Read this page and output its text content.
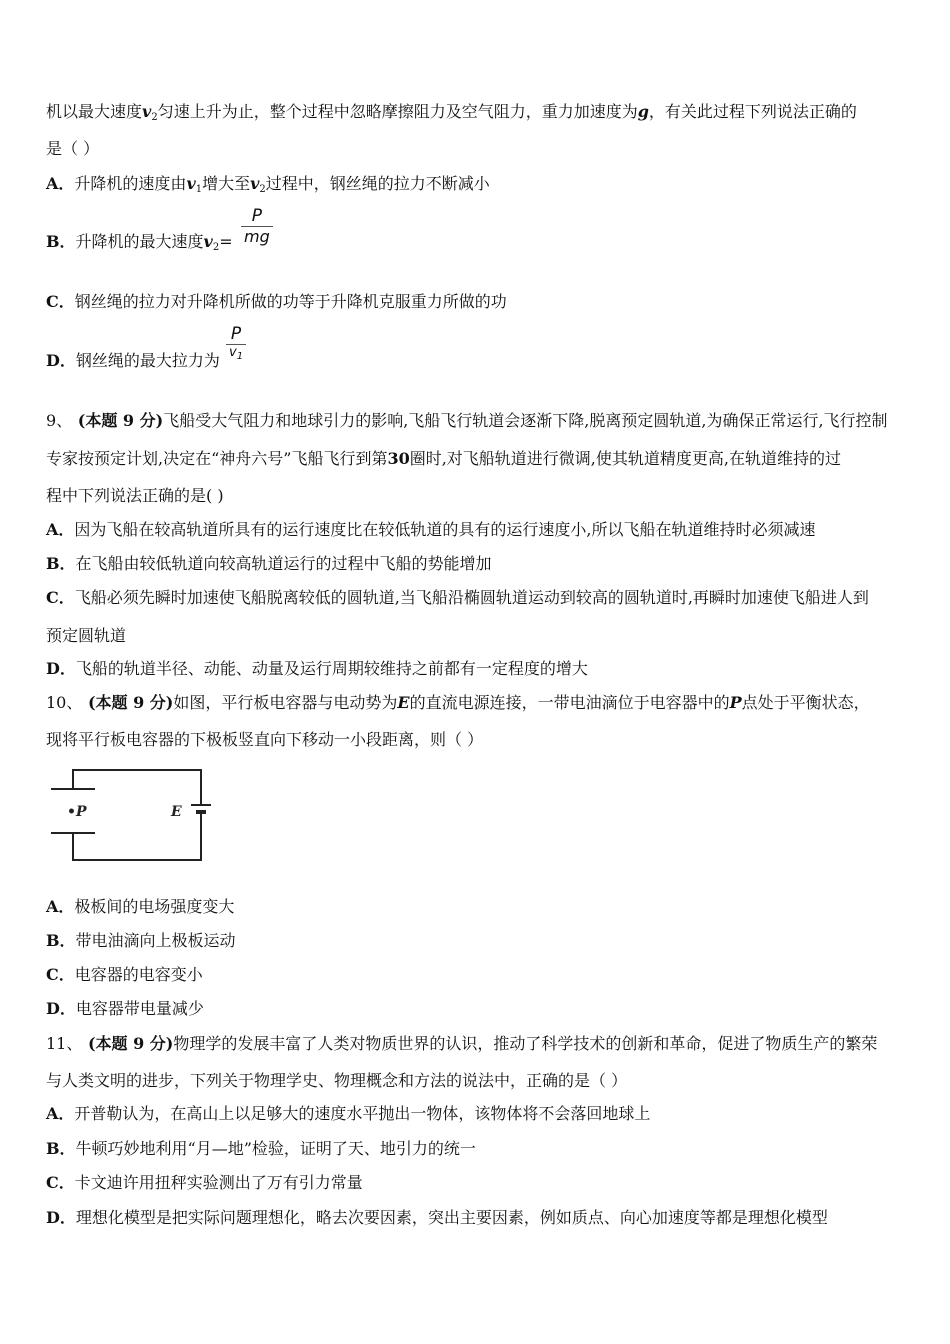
机以最大速度$v_2$匀速上升为止，整个过程中忽略摩擦阻力及空气阻力，重力加速度为g，有关此过程下列说法正确的
是（ ）
A．升降机的速度由$v_1$增大至$v_2$过程中，钢丝绳的拉力不断减小
B．升降机的最大速度$v_2=$
P
mg
C．钢丝绳的拉力对升降机所做的功等于升降机克服重力所做的功
D．钢丝绳的最大拉力为
P
$v_1$
9、 (本题 9 分)飞船受大气阻力和地球引力的影响,飞船飞行轨道会逐渐下降,脱离预定圆轨道,为确保正常运行,飞行控制
专家按预定计划,决定在“神舟六号”飞船飞行到第30圈时,对飞船轨道进行微调,使其轨道精度更高,在轨道维持的过
程中下列说法正确的是( )
A．因为飞船在较高轨道所具有的运行速度比在较低轨道的具有的运行速度小,所以飞船在轨道维持时必须减速
B．在飞船由较低轨道向较高轨道运行的过程中飞船的势能增加
C．飞船必须先瞬时加速使飞船脱离较低的圆轨道,当飞船沿椭圆轨道运动到较高的圆轨道时,再瞬时加速使飞船进人到
预定圆轨道
D．飞船的轨道半径、动能、动量及运行周期较维持之前都有一定程度的增大
10、 (本题 9 分)如图，平行板电容器与电动势为E的直流电源连接，一带电油滴位于电容器中的P点处于平衡状态，
现将平行板电容器的下极板竖直向下移动一小段距离，则（ ）
•P	E
A．极板间的电场强度变大
B．带电油滴向上极板运动
C．电容器的电容变小
D．电容器带电量减少
11、 (本题 9 分)物理学的发展丰富了人类对物质世界的认识，推动了科学技术的创新和革命，促进了物质生产的繁荣
与人类文明的进步，下列关于物理学史、物理概念和方法的说法中，正确的是（ ）
A．开普勒认为，在高山上以足够大的速度水平抛出一物体，该物体将不会落回地球上
B．牛顿巧妙地利用“月—地”检验，证明了天、地引力的统一
C．卡文迪许用扭秤实验测出了万有引力常量
D．理想化模型是把实际问题理想化，略去次要因素，突出主要因素，例如质点、向心加速度等都是理想化模型
